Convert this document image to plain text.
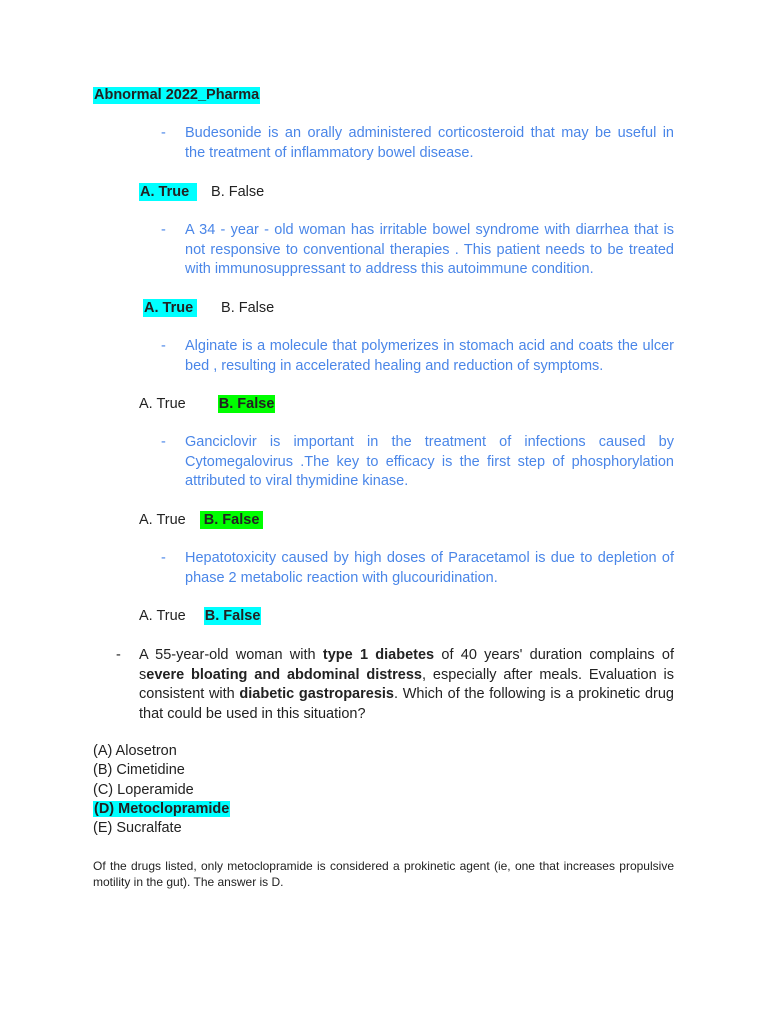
Abnormal 2022_Pharma
- Budesonide is an orally administered corticosteroid that may be useful in the treatment of inflammatory bowel disease.
A. True B. False
- A 34 - year - old woman has irritable bowel syndrome with diarrhea that is not responsive to conventional therapies . This patient needs to be treated with immunosuppressant to address this autoimmune condition.
A. True B. False
- Alginate is a molecule that polymerizes in stomach acid and coats the ulcer bed , resulting in accelerated healing and reduction of symptoms.
A. True B. False
- Ganciclovir is important in the treatment of infections caused by Cytomegalovirus .The key to efficacy is the first step of phosphorylation attributed to viral thymidine kinase.
A. True B. False
- Hepatotoxicity caused by high doses of Paracetamol is due to depletion of phase 2 metabolic reaction with glucouridination.
A. True B. False
- A 55-year-old woman with type 1 diabetes of 40 years' duration complains of severe bloating and abdominal distress, especially after meals. Evaluation is consistent with diabetic gastroparesis. Which of the following is a prokinetic drug that could be used in this situation?
(A) Alosetron
(B) Cimetidine
(C) Loperamide
(D) Metoclopramide
(E) Sucralfate
Of the drugs listed, only metoclopramide is considered a prokinetic agent (ie, one that increases propulsive motility in the gut). The answer is D.
